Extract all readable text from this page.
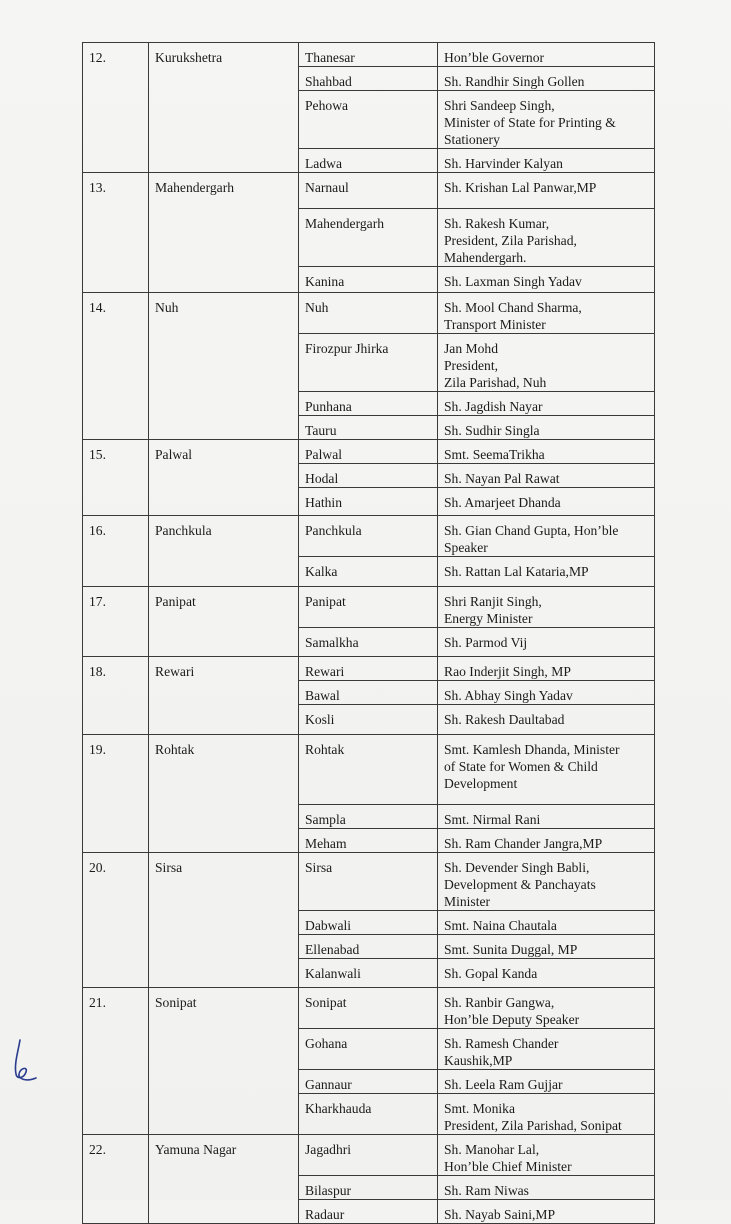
12.	Kurukshetra	Thanesar	Hon’ble Governor

		Shahbad	Sh. Randhir Singh Gollen

		Pehowa	Shri Sandeep Singh,
Minister of State for Printing &
Stationery

		Ladwa	Sh. Harvinder Kalyan

13.	Mahendergarh	Narnaul	Sh. Krishan Lal Panwar,MP

		Mahendergarh	Sh. Rakesh Kumar,
President, Zila Parishad,
Mahendergarh.

		Kanina	Sh. Laxman Singh Yadav

14.	Nuh	Nuh	Sh. Mool Chand Sharma,
Transport Minister

		Firozpur Jhirka	Jan Mohd
President,
Zila Parishad, Nuh

		Punhana	Sh. Jagdish Nayar

		Tauru	Sh. Sudhir Singla

15.	Palwal	Palwal	Smt. SeemaTrikha

		Hodal	Sh. Nayan Pal Rawat

		Hathin	Sh. Amarjeet Dhanda

16.	Panchkula	Panchkula	Sh. Gian Chand Gupta, Hon’ble
Speaker

		Kalka	Sh. Rattan Lal Kataria,MP

17.	Panipat	Panipat	Shri Ranjit Singh,
Energy Minister

		Samalkha	Sh. Parmod Vij

18.	Rewari	Rewari	Rao Inderjit Singh, MP

		Bawal	Sh. Abhay Singh Yadav

		Kosli	Sh. Rakesh Daultabad

19.	Rohtak	Rohtak	Smt. Kamlesh Dhanda, Minister
of State for Women & Child
Development

		Sampla	Smt. Nirmal Rani

		Meham	Sh. Ram Chander Jangra,MP

20.	Sirsa	Sirsa	Sh. Devender Singh Babli,
Development & Panchayats
Minister

		Dabwali	Smt. Naina Chautala

		Ellenabad	Smt. Sunita Duggal, MP

		Kalanwali	Sh. Gopal Kanda

21.	Sonipat	Sonipat	Sh. Ranbir Gangwa,
Hon’ble Deputy Speaker

		Gohana	Sh. Ramesh Chander
Kaushik,MP

		Gannaur	Sh. Leela Ram Gujjar

		Kharkhauda	Smt. Monika
President, Zila Parishad, Sonipat

22.	Yamuna Nagar	Jagadhri	Sh. Manohar Lal,
Hon’ble Chief Minister

		Bilaspur	Sh. Ram Niwas

		Radaur	Sh. Nayab Saini,MP
